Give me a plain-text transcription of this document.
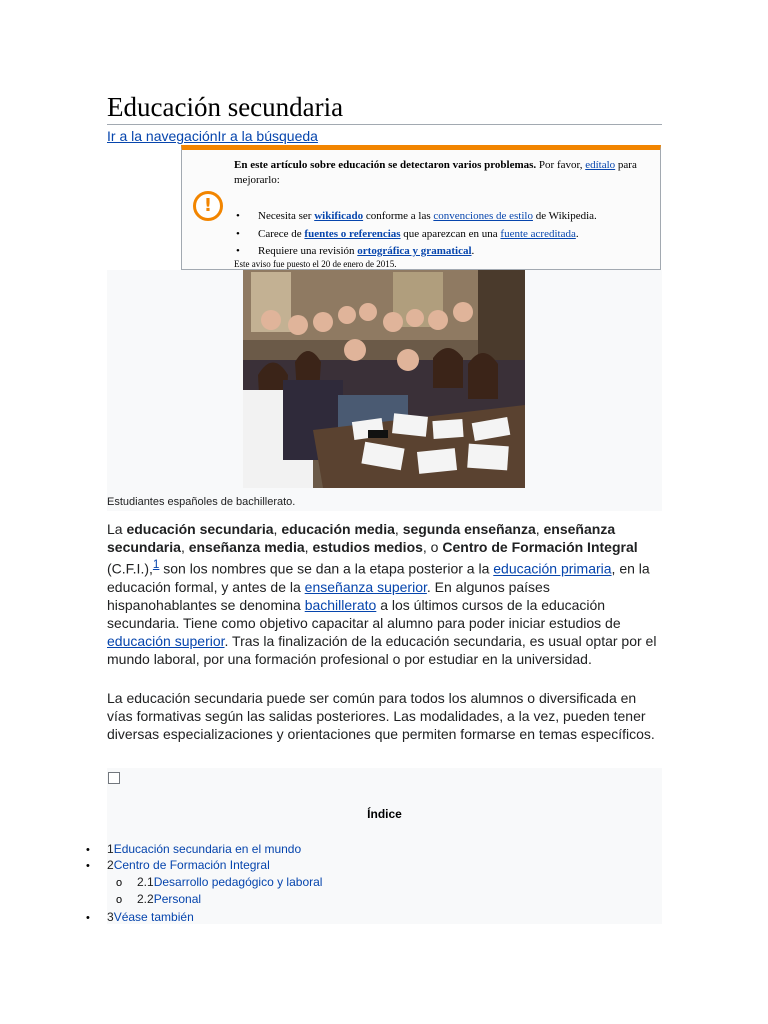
Educación secundaria
Ir a la navegaciónIr a la búsqueda
!
En este artículo sobre educación se detectaron varios problemas. Por favor, edítalo para mejorarlo:
• Necesita ser wikificado conforme a las convenciones de estilo de Wikipedia.
• Carece de fuentes o referencias que aparezcan en una fuente acreditada.
• Requiere una revisión ortográfica y gramatical.
Este aviso fue puesto el 20 de enero de 2015.
Estudiantes españoles de bachillerato.

La educación secundaria, educación media, segunda enseñanza, enseñanza secundaria, enseñanza media, estudios medios, o Centro de Formación Integral (C.F.I.),$^1$ son los nombres que se dan a la etapa posterior a la educación primaria, en la educación formal, y antes de la enseñanza superior. En algunos países hispanohablantes se denomina bachillerato a los últimos cursos de la educación secundaria. Tiene como objetivo capacitar al alumno para poder iniciar estudios de educación superior. Tras la finalización de la educación secundaria, es usual optar por el mundo laboral, por una formación profesional o por estudiar en la universidad.

La educación secundaria puede ser común para todos los alumnos o diversificada en vías formativas según las salidas posteriores. Las modalidades, a la vez, pueden tener diversas especializaciones y orientaciones que permiten formarse en temas específicos.

Índice
• 1Educación secundaria en el mundo
• 2Centro de Formación Integral
o 2.1Desarrollo pedagógico y laboral
o 2.2Personal
• 3Véase también
